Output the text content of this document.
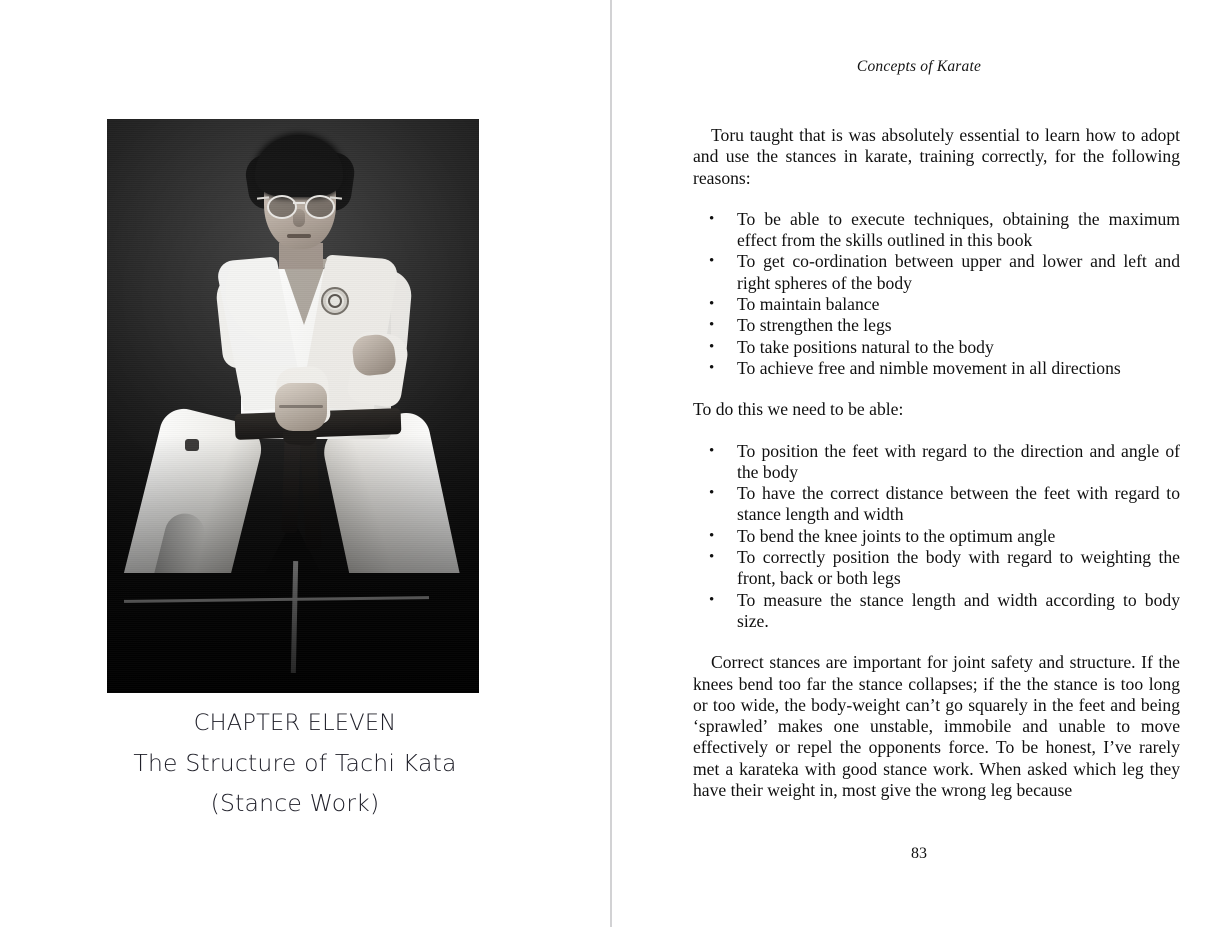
CHAPTER ELEVEN
The Structure of Tachi Kata
(Stance Work)
Concepts of Karate

Toru taught that is was absolutely essential to learn how to adopt and use the stances in karate, training correctly, for the following reasons:

• To be able to execute techniques, obtaining the maximum effect from the skills outlined in this book
• To get co-ordination between upper and lower and left and right spheres of the body
• To maintain balance
• To strengthen the legs
• To take positions natural to the body
• To achieve free and nimble movement in all directions

To do this we need to be able:

• To position the feet with regard to the direction and angle of the body
• To have the correct distance between the feet with regard to stance length and width
• To bend the knee joints to the optimum angle
• To correctly position the body with regard to weighting the front, back or both legs
• To measure the stance length and width according to body size.

Correct stances are important for joint safety and structure. If the knees bend too far the stance collapses; if the the stance is too long or too wide, the body-weight can’t go squarely in the feet and being ‘sprawled’ makes one unstable, immobile and unable to move effectively or repel the opponents force. To be honest, I’ve rarely met a karateka with good stance work. When asked which leg they have their weight in, most give the wrong leg because

83
